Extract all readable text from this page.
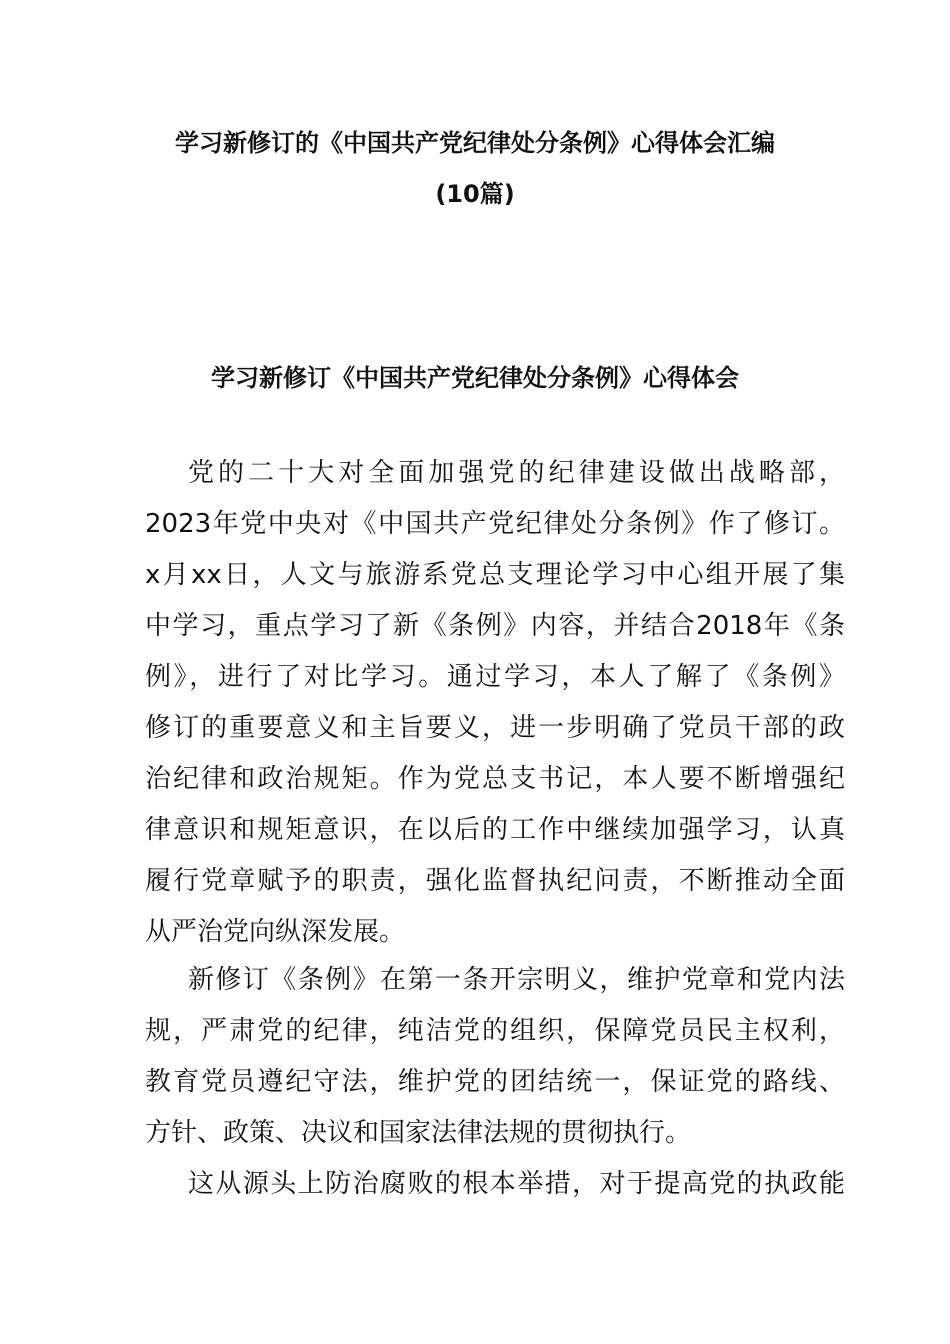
学习新修订的《中国共产党纪律处分条例》心得体会汇编
(10篇)
学习新修订《中国共产党纪律处分条例》心得体会
党的二十大对全面加强党的纪律建设做出战略部，
2023年党中央对《中国共产党纪律处分条例》作了修订。
x月xx日，人文与旅游系党总支理论学习中心组开展了集
中学习，重点学习了新《条例》内容，并结合2018年《条
例》，进行了对比学习。通过学习，本人了解了《条例》
修订的重要意义和主旨要义，进一步明确了党员干部的政
治纪律和政治规矩。作为党总支书记，本人要不断增强纪
律意识和规矩意识，在以后的工作中继续加强学习，认真
履行党章赋予的职责，强化监督执纪问责，不断推动全面
从严治党向纵深发展。
新修订《条例》在第一条开宗明义，维护党章和党内法
规，严肃党的纪律，纯洁党的组织，保障党员民主权利，
教育党员遵纪守法，维护党的团结统一，保证党的路线、
方针、政策、决议和国家法律法规的贯彻执行。
这从源头上防治腐败的根本举措，对于提高党的执政能
